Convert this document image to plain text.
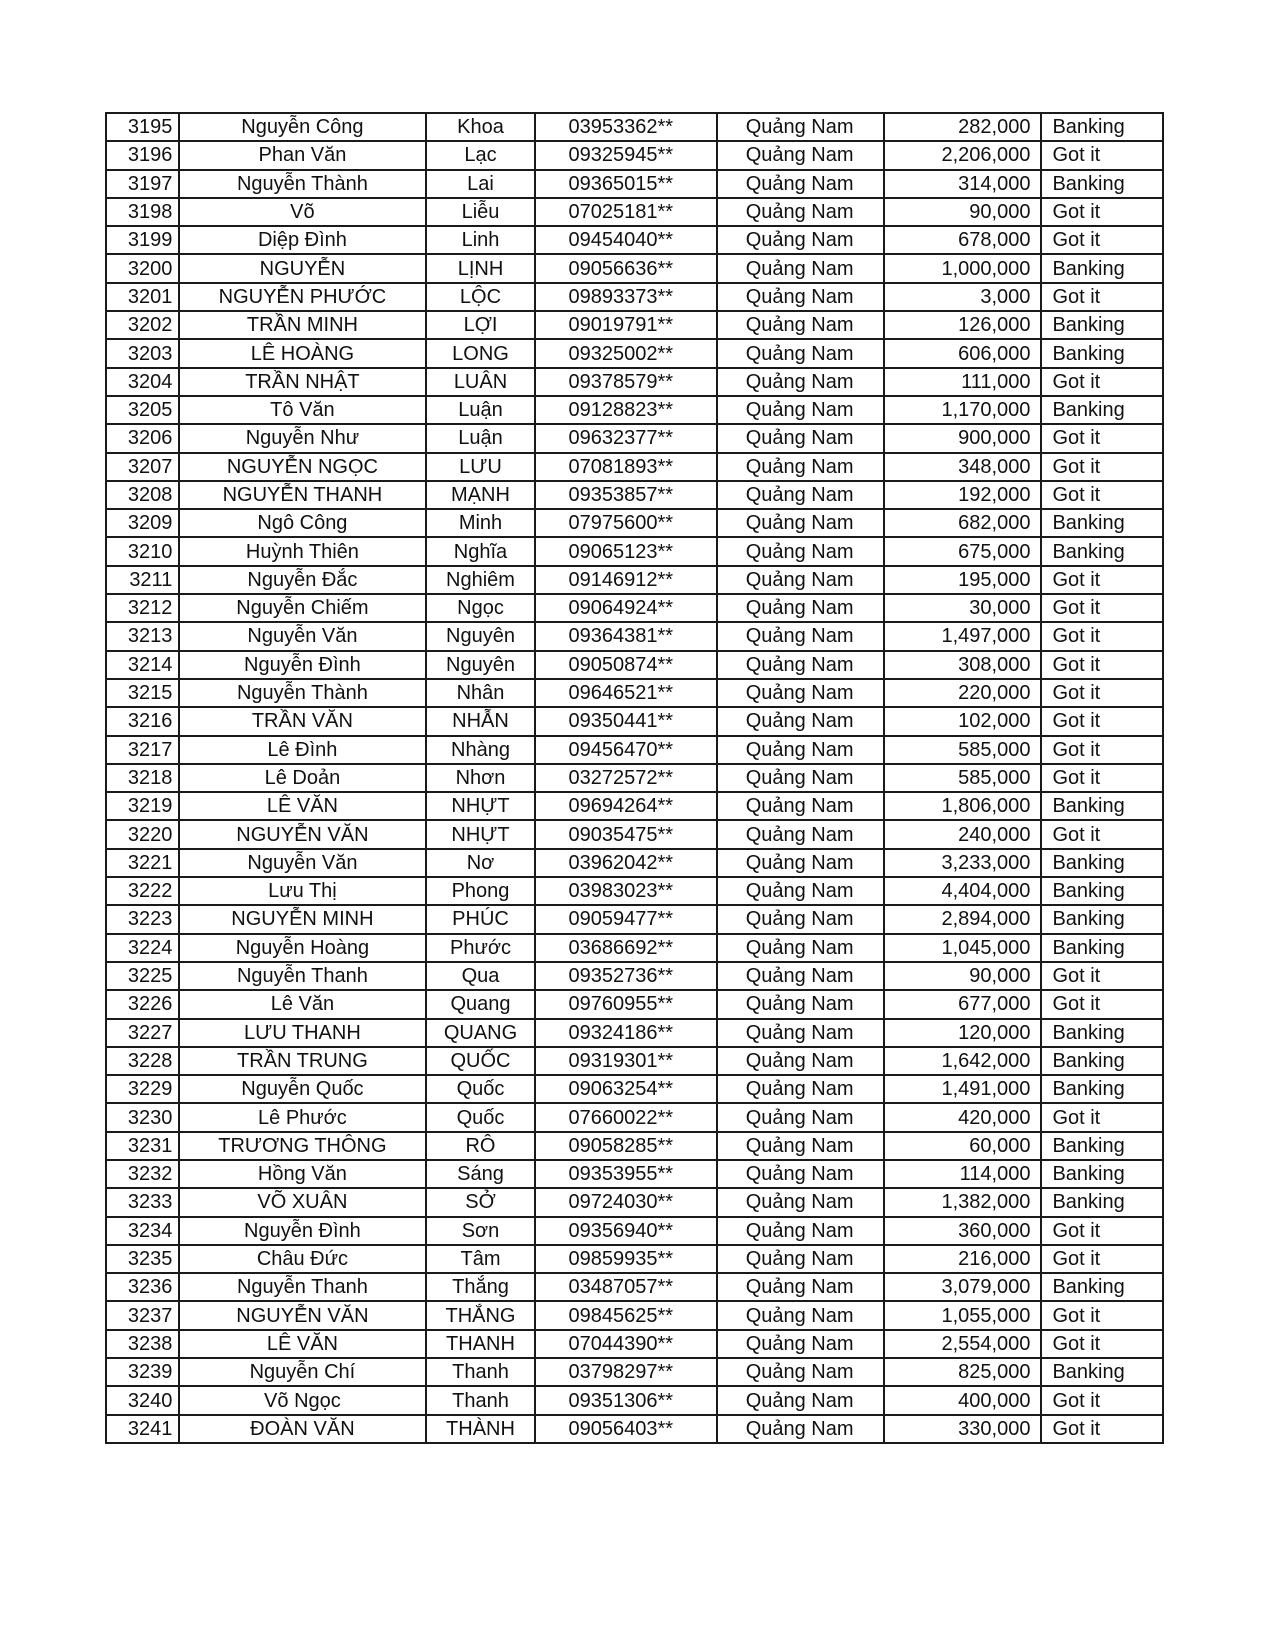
3195	Nguyễn Công	Khoa	03953362**	Quảng Nam	282,000	Banking
3196	Phan Văn	Lạc	09325945**	Quảng Nam	2,206,000	Got it
3197	Nguyễn Thành	Lai	09365015**	Quảng Nam	314,000	Banking
3198	Võ	Liễu	07025181**	Quảng Nam	90,000	Got it
3199	Diệp Đình	Linh	09454040**	Quảng Nam	678,000	Got it
3200	NGUYỄN	LỊNH	09056636**	Quảng Nam	1,000,000	Banking
3201	NGUYỄN PHƯỚC	LỘC	09893373**	Quảng Nam	3,000	Got it
3202	TRẦN MINH	LỢI	09019791**	Quảng Nam	126,000	Banking
3203	LÊ HOÀNG	LONG	09325002**	Quảng Nam	606,000	Banking
3204	TRẦN NHẬT	LUÂN	09378579**	Quảng Nam	111,000	Got it
3205	Tô Văn	Luận	09128823**	Quảng Nam	1,170,000	Banking
3206	Nguyễn Như	Luận	09632377**	Quảng Nam	900,000	Got it
3207	NGUYỄN NGỌC	LƯU	07081893**	Quảng Nam	348,000	Got it
3208	NGUYỄN THANH	MẠNH	09353857**	Quảng Nam	192,000	Got it
3209	Ngô Công	Minh	07975600**	Quảng Nam	682,000	Banking
3210	Huỳnh Thiên	Nghĩa	09065123**	Quảng Nam	675,000	Banking
3211	Nguyễn Đắc	Nghiêm	09146912**	Quảng Nam	195,000	Got it
3212	Nguyễn Chiếm	Ngọc	09064924**	Quảng Nam	30,000	Got it
3213	Nguyễn Văn	Nguyên	09364381**	Quảng Nam	1,497,000	Got it
3214	Nguyễn Đình	Nguyên	09050874**	Quảng Nam	308,000	Got it
3215	Nguyễn Thành	Nhân	09646521**	Quảng Nam	220,000	Got it
3216	TRẦN VĂN	NHẪN	09350441**	Quảng Nam	102,000	Got it
3217	Lê Đình	Nhàng	09456470**	Quảng Nam	585,000	Got it
3218	Lê Doản	Nhơn	03272572**	Quảng Nam	585,000	Got it
3219	LÊ VĂN	NHỰT	09694264**	Quảng Nam	1,806,000	Banking
3220	NGUYỄN VĂN	NHỰT	09035475**	Quảng Nam	240,000	Got it
3221	Nguyễn Văn	Nơ	03962042**	Quảng Nam	3,233,000	Banking
3222	Lưu Thị	Phong	03983023**	Quảng Nam	4,404,000	Banking
3223	NGUYỄN MINH	PHÚC	09059477**	Quảng Nam	2,894,000	Banking
3224	Nguyễn Hoàng	Phước	03686692**	Quảng Nam	1,045,000	Banking
3225	Nguyễn Thanh	Qua	09352736**	Quảng Nam	90,000	Got it
3226	Lê Văn	Quang	09760955**	Quảng Nam	677,000	Got it
3227	LƯU THANH	QUANG	09324186**	Quảng Nam	120,000	Banking
3228	TRẦN TRUNG	QUỐC	09319301**	Quảng Nam	1,642,000	Banking
3229	Nguyễn Quốc	Quốc	09063254**	Quảng Nam	1,491,000	Banking
3230	Lê Phước	Quốc	07660022**	Quảng Nam	420,000	Got it
3231	TRƯƠNG THÔNG	RÔ	09058285**	Quảng Nam	60,000	Banking
3232	Hồng Văn	Sáng	09353955**	Quảng Nam	114,000	Banking
3233	VÕ XUÂN	SỞ	09724030**	Quảng Nam	1,382,000	Banking
3234	Nguyễn Đình	Sơn	09356940**	Quảng Nam	360,000	Got it
3235	Châu Đức	Tâm	09859935**	Quảng Nam	216,000	Got it
3236	Nguyễn Thanh	Thắng	03487057**	Quảng Nam	3,079,000	Banking
3237	NGUYỄN VĂN	THẮNG	09845625**	Quảng Nam	1,055,000	Got it
3238	LÊ VĂN	THANH	07044390**	Quảng Nam	2,554,000	Got it
3239	Nguyễn Chí	Thanh	03798297**	Quảng Nam	825,000	Banking
3240	Võ Ngọc	Thanh	09351306**	Quảng Nam	400,000	Got it
3241	ĐOÀN VĂN	THÀNH	09056403**	Quảng Nam	330,000	Got it
